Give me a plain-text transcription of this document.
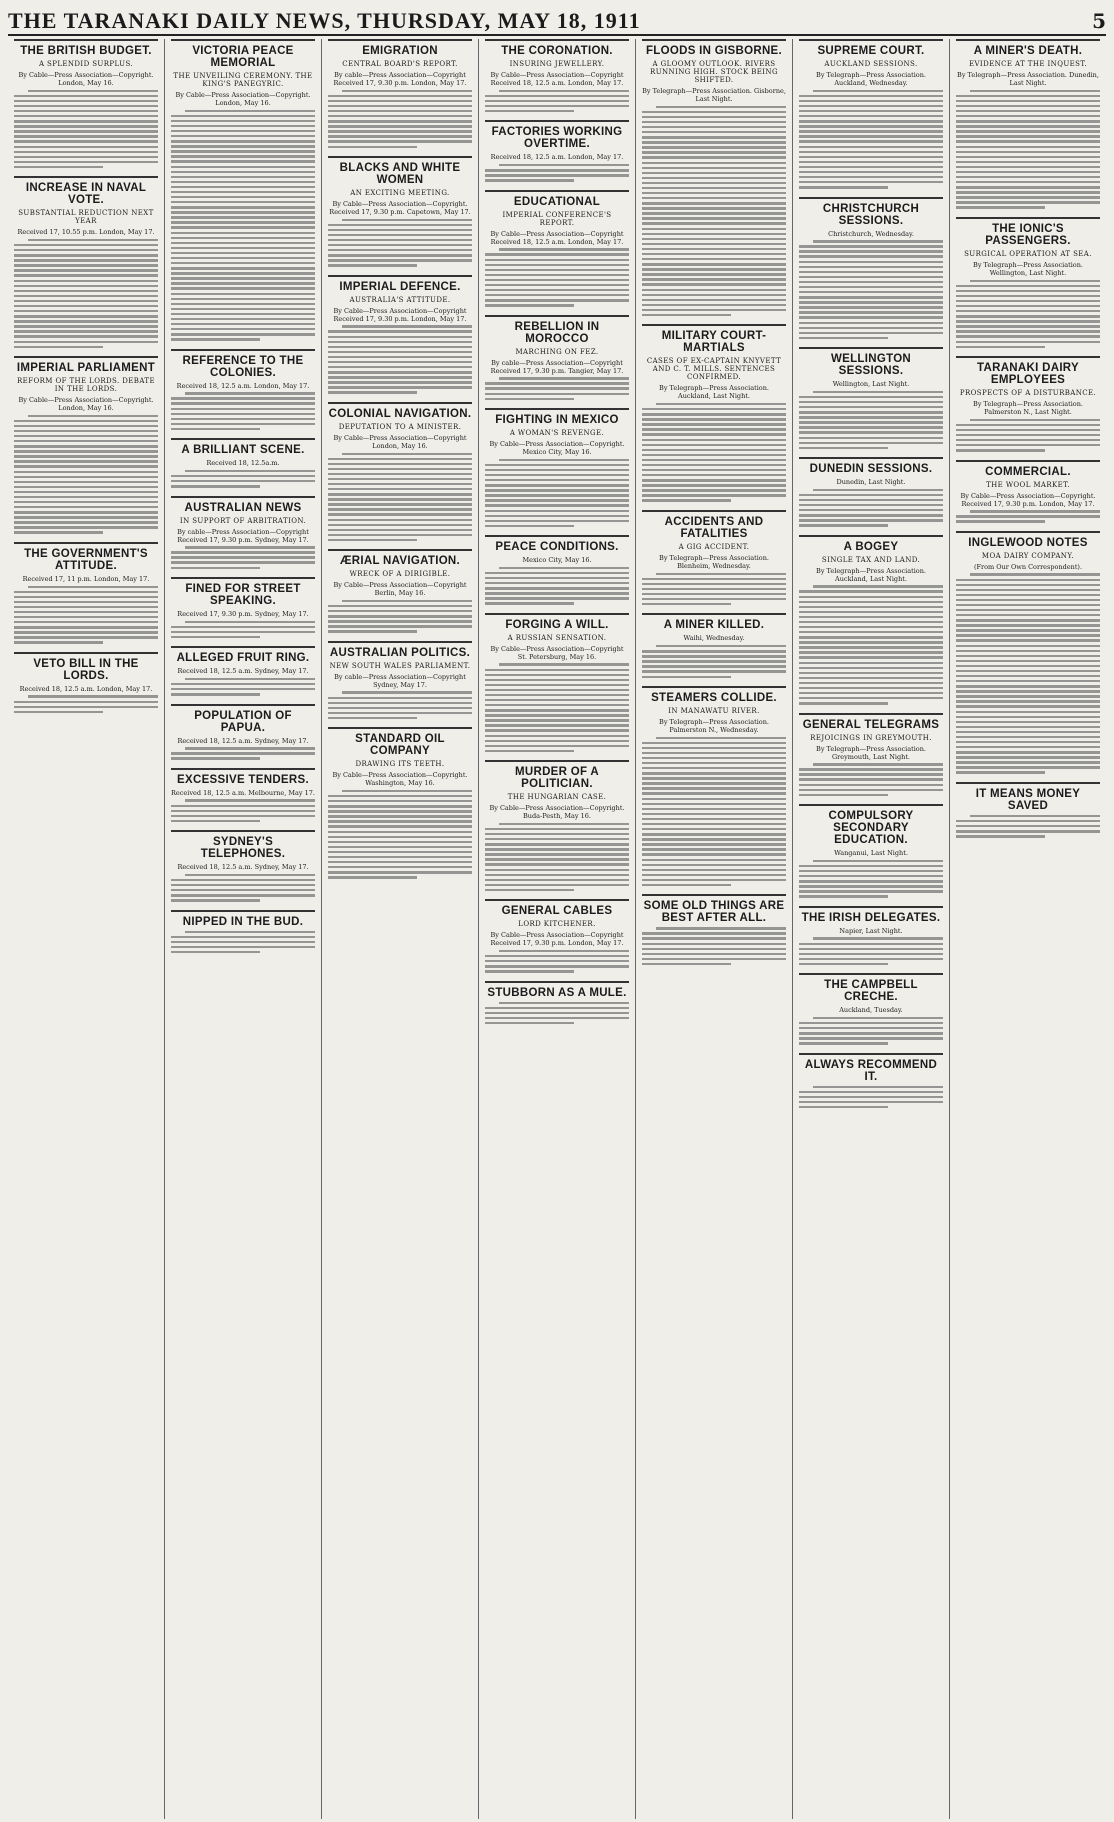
THE TARANAKI DAILY NEWS, THURSDAY, MAY 18, 1911	5
THE BRITISH BUDGET.
A SPLENDID SURPLUS.
By Cable—Press Association—Copyright. London, May 16.
INCREASE IN NAVAL VOTE.
SUBSTANTIAL REDUCTION NEXT YEAR
Received 17, 10.55 p.m. London, May 17.
IMPERIAL PARLIAMENT
REFORM OF THE LORDS. DEBATE IN THE LORDS.
By Cable—Press Association—Copyright. London, May 16.
THE GOVERNMENT'S ATTITUDE.
Received 17, 11 p.m. London, May 17.
VETO BILL IN THE LORDS.
Received 18, 12.5 a.m. London, May 17.
VICTORIA PEACE MEMORIAL
THE UNVEILING CEREMONY. THE KING'S PANEGYRIC.
By Cable—Press Association—Copyright. London, May 16.
REFERENCE TO THE COLONIES.
Received 18, 12.5 a.m. London, May 17.
A BRILLIANT SCENE.
Received 18, 12.5a.m.
AUSTRALIAN NEWS
IN SUPPORT OF ARBITRATION.
By cable—Press Association—Copyright Received 17, 9.30 p.m. Sydney, May 17.
FINED FOR STREET SPEAKING.
Received 17, 9.30 p.m. Sydney, May 17.
ALLEGED FRUIT RING.
Received 18, 12.5 a.m. Sydney, May 17.
POPULATION OF PAPUA.
Received 18, 12.5 a.m. Sydney, May 17.
EXCESSIVE TENDERS.
Received 18, 12.5 a.m. Melbourne, May 17.
SYDNEY'S TELEPHONES.
Received 18, 12.5 a.m. Sydney, May 17.
NIPPED IN THE BUD.
EMIGRATION
CENTRAL BOARD'S REPORT.
By cable—Press Association—Copyright Received 17, 9.30 p.m. London, May 17.
BLACKS AND WHITE WOMEN
AN EXCITING MEETING.
By Cable—Press Association—Copyright. Received 17, 9.30 p.m. Capetown, May 17.
IMPERIAL DEFENCE.
AUSTRALIA'S ATTITUDE.
By Cable—Press Association—Copyright Received 17, 9.30 p.m. London, May 17.
COLONIAL NAVIGATION.
DEPUTATION TO A MINISTER.
By Cable—Press Association—Copyright London, May 16.
ÆRIAL NAVIGATION.
WRECK OF A DIRIGIBLE.
By Cable—Press Association—Copyright Berlin, May 16.
AUSTRALIAN POLITICS.
NEW SOUTH WALES PARLIAMENT.
By cable—Press Association—Copyright Sydney, May 17.
STANDARD OIL COMPANY
DRAWING ITS TEETH.
By Cable—Press Association—Copyright. Washington, May 16.
THE CORONATION.
INSURING JEWELLERY.
By Cable—Press Association—Copyright Received 18, 12.5 a.m. London, May 17.
FACTORIES WORKING OVERTIME.
Received 18, 12.5 a.m. London, May 17.
EDUCATIONAL
IMPERIAL CONFERENCE'S REPORT.
By Cable—Press Association—Copyright Received 18, 12.5 a.m. London, May 17.
REBELLION IN MOROCCO
MARCHING ON FEZ.
By cable—Press Association—Copyright Received 17, 9.30 p.m. Tangier, May 17.
FIGHTING IN MEXICO
A WOMAN'S REVENGE.
By Cable—Press Association—Copyright. Mexico City, May 16.
PEACE CONDITIONS.
Mexico City, May 16.
FORGING A WILL.
A RUSSIAN SENSATION.
By Cable—Press Association—Copyright St. Petersburg, May 16.
MURDER OF A POLITICIAN.
THE HUNGARIAN CASE.
By Cable—Press Association—Copyright. Buda-Pesth, May 16.
GENERAL CABLES
LORD KITCHENER.
By Cable—Press Association—Copyright Received 17, 9.30 p.m. London, May 17.
STUBBORN AS A MULE.
FLOODS IN GISBORNE.
A GLOOMY OUTLOOK. RIVERS RUNNING HIGH. STOCK BEING SHIFTED.
By Telegraph—Press Association. Gisborne, Last Night.
MILITARY COURT-MARTIALS
CASES OF EX-CAPTAIN KNYVETT AND C. T. MILLS. SENTENCES CONFIRMED.
By Telegraph—Press Association. Auckland, Last Night.
ACCIDENTS AND FATALITIES
A GIG ACCIDENT.
By Telegraph—Press Association. Blenheim, Wednesday.
A MINER KILLED.
Waihi, Wednesday.
STEAMERS COLLIDE.
IN MANAWATU RIVER.
By Telegraph—Press Association. Palmerston N., Wednesday.
SOME OLD THINGS ARE BEST AFTER ALL.
SUPREME COURT.
AUCKLAND SESSIONS.
By Telegraph—Press Association. Auckland, Wednesday.
CHRISTCHURCH SESSIONS.
Christchurch, Wednesday.
WELLINGTON SESSIONS.
Wellington, Last Night.
DUNEDIN SESSIONS.
Dunedin, Last Night.
A BOGEY
SINGLE TAX AND LAND.
By Telegraph—Press Association. Auckland, Last Night.
GENERAL TELEGRAMS
REJOICINGS IN GREYMOUTH.
By Telegraph—Press Association. Greymouth, Last Night.
COMPULSORY SECONDARY EDUCATION.
Wanganui, Last Night.
THE IRISH DELEGATES.
Napier, Last Night.
THE CAMPBELL CRECHE.
Auckland, Tuesday.
ALWAYS RECOMMEND IT.
A MINER'S DEATH.
EVIDENCE AT THE INQUEST.
By Telegraph—Press Association. Dunedin, Last Night.
THE IONIC'S PASSENGERS.
SURGICAL OPERATION AT SEA.
By Telegraph—Press Association. Wellington, Last Night.
TARANAKI DAIRY EMPLOYEES
PROSPECTS OF A DISTURBANCE.
By Telegraph—Press Association. Palmerston N., Last Night.
COMMERCIAL.
THE WOOL MARKET.
By Cable—Press Association—Copyright. Received 17, 9.30 p.m. London, May 17.
INGLEWOOD NOTES
MOA DAIRY COMPANY.
(From Our Own Correspondent).
IT MEANS MONEY SAVED
